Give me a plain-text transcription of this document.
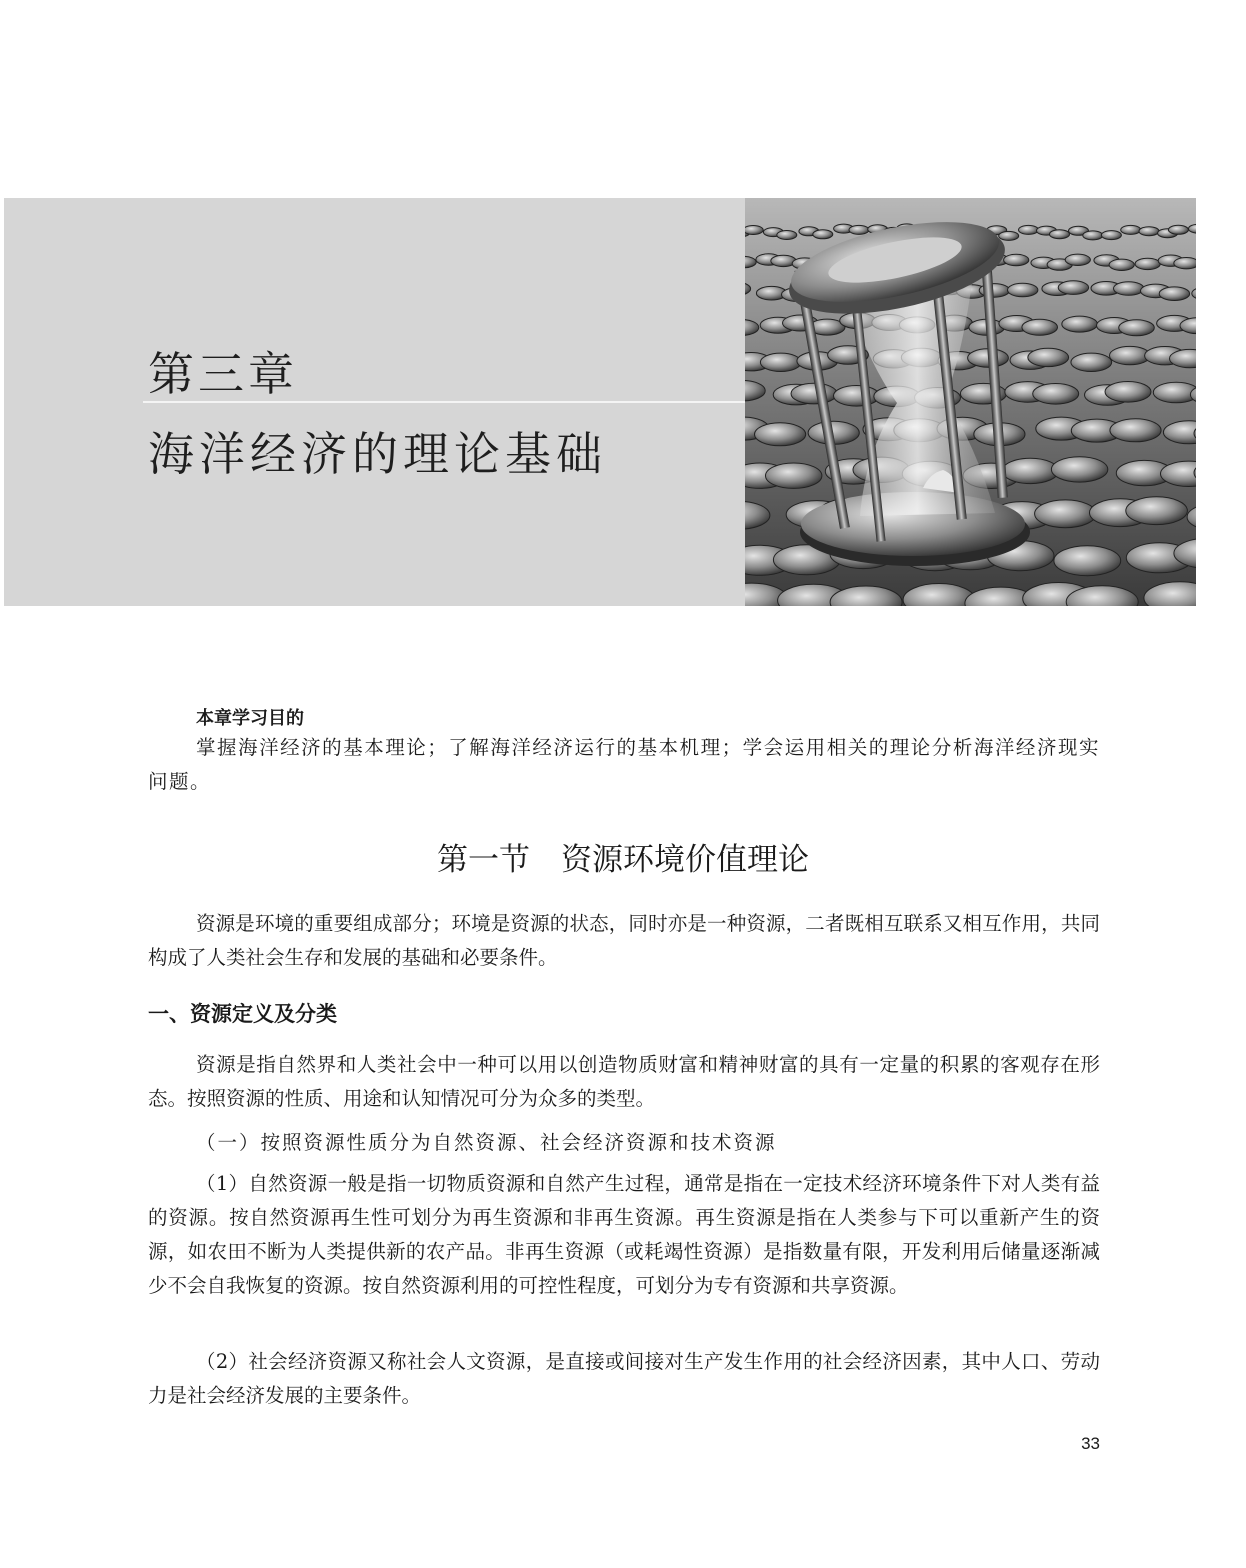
第三章
海洋经济的理论基础
本章学习目的

掌握海洋经济的基本理论；了解海洋经济运行的基本机理；学会运用相关的理论分析海洋经济现实问题。

第一节　资源环境价值理论

资源是环境的重要组成部分；环境是资源的状态，同时亦是一种资源，二者既相互联系又相互作用，共同构成了人类社会生存和发展的基础和必要条件。

一、资源定义及分类

资源是指自然界和人类社会中一种可以用以创造物质财富和精神财富的具有一定量的积累的客观存在形态。按照资源的性质、用途和认知情况可分为众多的类型。

（一）按照资源性质分为自然资源、社会经济资源和技术资源

（1）自然资源一般是指一切物质资源和自然产生过程，通常是指在一定技术经济环境条件下对人类有益的资源。按自然资源再生性可划分为再生资源和非再生资源。再生资源是指在人类参与下可以重新产生的资源，如农田不断为人类提供新的农产品。非再生资源（或耗竭性资源）是指数量有限，开发利用后储量逐渐减少不会自我恢复的资源。按自然资源利用的可控性程度，可划分为专有资源和共享资源。

（2）社会经济资源又称社会人文资源，是直接或间接对生产发生作用的社会经济因素，其中人口、劳动力是社会经济发展的主要条件。

33
